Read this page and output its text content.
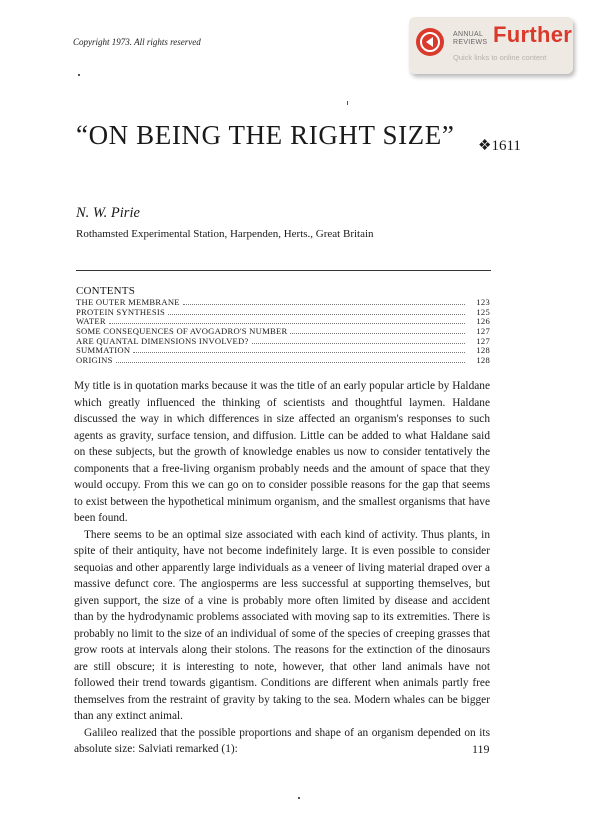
Copyright 1973. All rights reserved
ANNUAL
REVIEWS Further
Quick links to online content
“ON BEING THE RIGHT SIZE” ❖1611
N. W. Pirie
Rothamsted Experimental Station, Harpenden, Herts., Great Britain
CONTENTS
THE OUTER MEMBRANE	123
PROTEIN SYNTHESIS	125
WATER	126
SOME CONSEQUENCES OF AVOGADRO'S NUMBER	127
ARE QUANTAL DIMENSIONS INVOLVED?	127
SUMMATION	128
ORIGINS	128

My title is in quotation marks because it was the title of an early popular article by Haldane which greatly influenced the thinking of scientists and thoughtful laymen. Haldane discussed the way in which differences in size affected an organism's responses to such agents as gravity, surface tension, and diffusion. Little can be added to what Haldane said on these subjects, but the growth of knowledge enables us now to consider tentatively the components that a free-living organism probably needs and the amount of space that they would occupy. From this we can go on to consider possible reasons for the gap that seems to exist between the hypothetical minimum organism, and the smallest organisms that have been found.

There seems to be an optimal size associated with each kind of activity. Thus plants, in spite of their antiquity, have not become indefinitely large. It is even possible to consider sequoias and other apparently large individuals as a veneer of living material draped over a massive defunct core. The angiosperms are less successful at supporting themselves, but given support, the size of a vine is probably more often limited by disease and accident than by the hydrodynamic problems associated with moving sap to its extremities. There is probably no limit to the size of an individual of some of the species of creeping grasses that grow roots at intervals along their stolons. The reasons for the extinction of the dinosaurs are still obscure; it is interesting to note, however, that other land animals have not followed their trend towards gigantism. Conditions are different when animals partly free themselves from the restraint of gravity by taking to the sea. Modern whales can be bigger than any extinct animal.

Galileo realized that the possible proportions and shape of an organism depended on its absolute size: Salviati remarked (1):	119
